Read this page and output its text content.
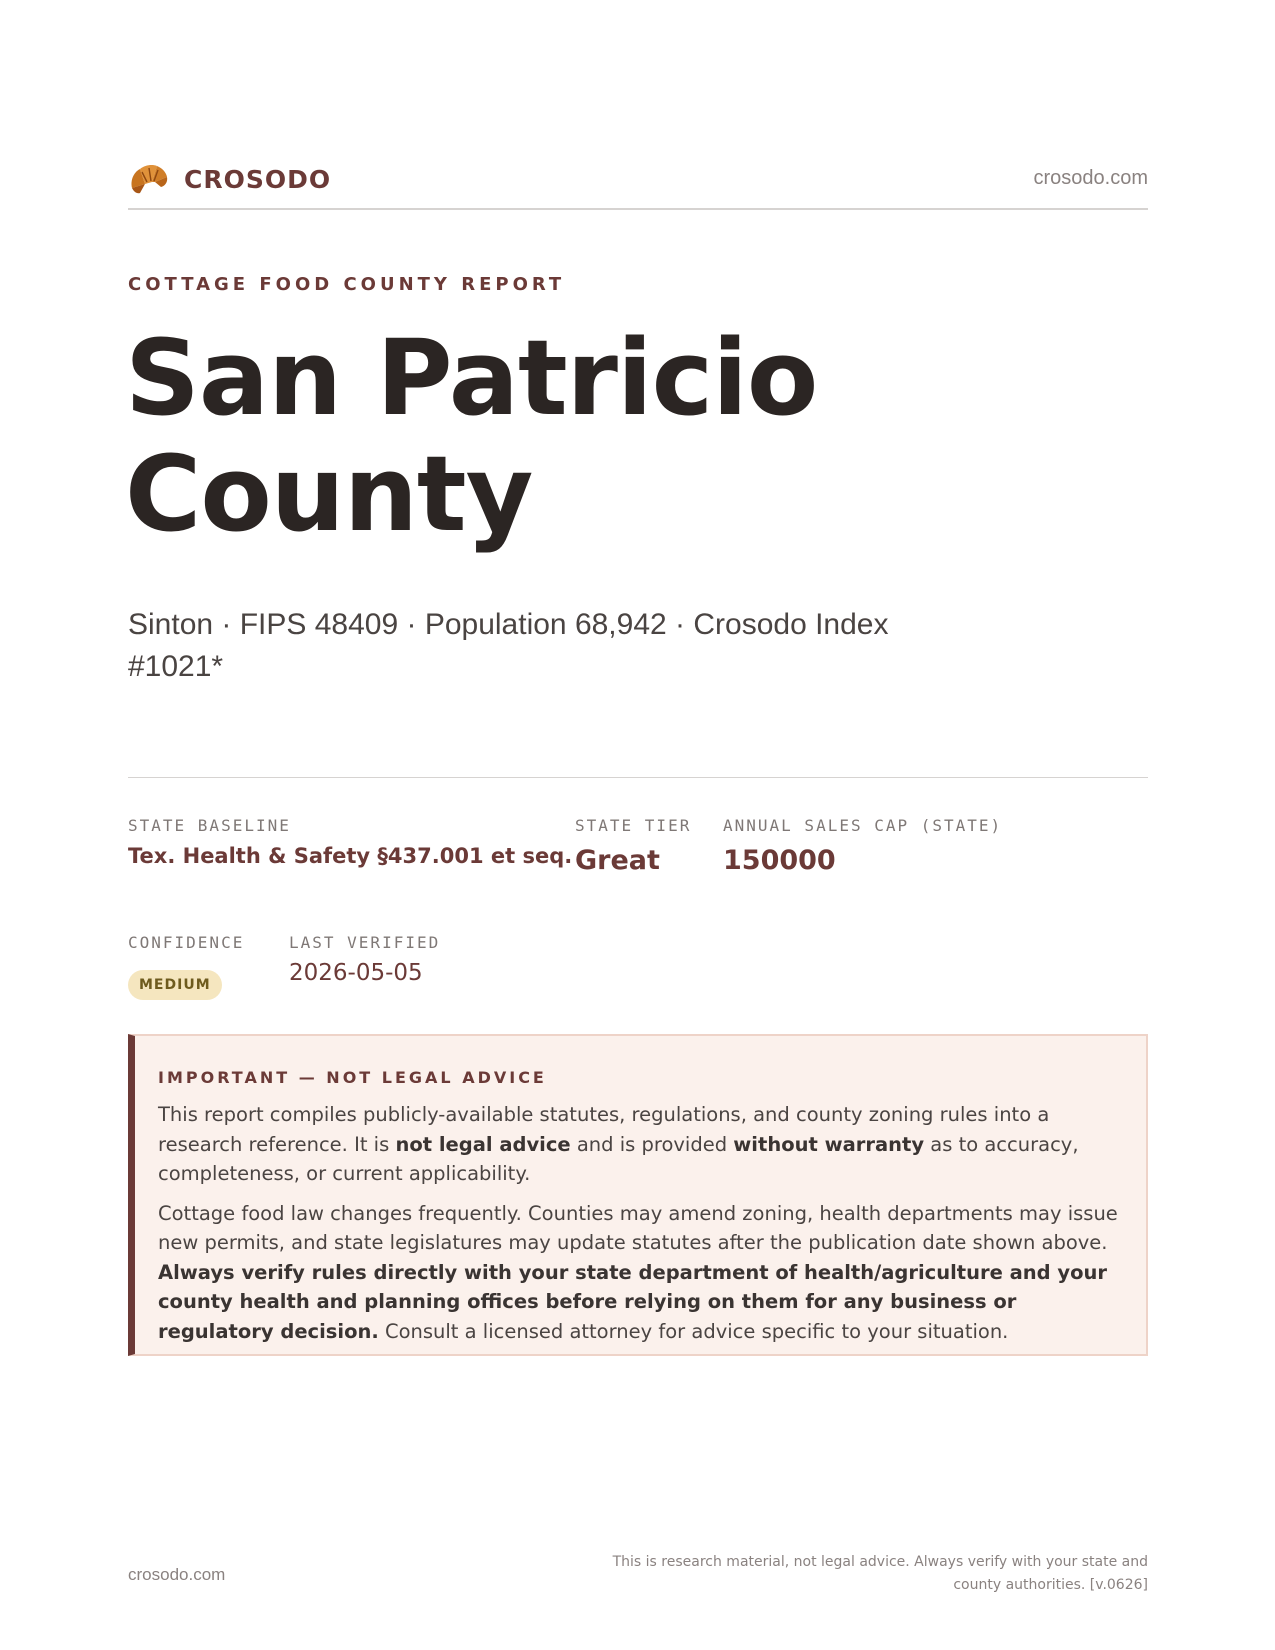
CROSODO	crosodo.com
COTTAGE FOOD COUNTY REPORT
San Patricio
County
Sinton · FIPS 48409 · Population 68,942 · Crosodo Index #1021*
STATE BASELINE
Tex. Health & Safety §437.001 et seq.
STATE TIER
Great
ANNUAL SALES CAP (STATE)
150000
CONFIDENCE
MEDIUM
LAST VERIFIED
2026-05-05
IMPORTANT — NOT LEGAL ADVICE

This report compiles publicly-available statutes, regulations, and county zoning rules into a research reference. It is not legal advice and is provided without warranty as to accuracy, completeness, or current applicability.

Cottage food law changes frequently. Counties may amend zoning, health departments may issue new permits, and state legislatures may update statutes after the publication date shown above. Always verify rules directly with your state department of health/agriculture and your county health and planning offices before relying on them for any business or regulatory decision. Consult a licensed attorney for advice specific to your situation.

crosodo.com
This is research material, not legal advice. Always verify with your state and county authorities. [v.0626]
